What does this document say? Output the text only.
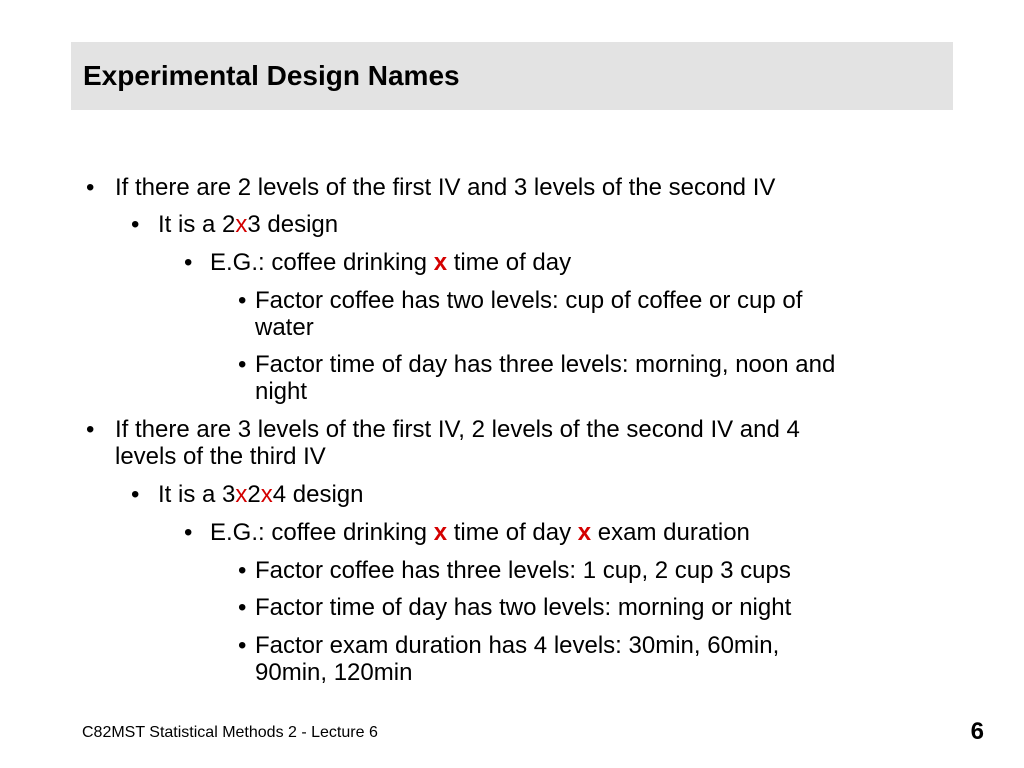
Experimental Design Names
• If there are 2 levels of the first IV and 3 levels of the second IV
• It is a 2x3 design
• E.G.: coffee drinking x time of day
• Factor coffee has two levels: cup of coffee or cup of
water
• Factor time of day has three levels: morning, noon and
night
• If there are 3 levels of the first IV, 2 levels of the second IV and 4
levels of the third IV
• It is a 3x2x4 design
• E.G.: coffee drinking x time of day x exam duration
• Factor coffee has three levels: 1 cup, 2 cup 3 cups
• Factor time of day has two levels: morning or night
• Factor exam duration has 4 levels: 30min, 60min,
90min, 120min
C82MST Statistical Methods 2 - Lecture 6	6
